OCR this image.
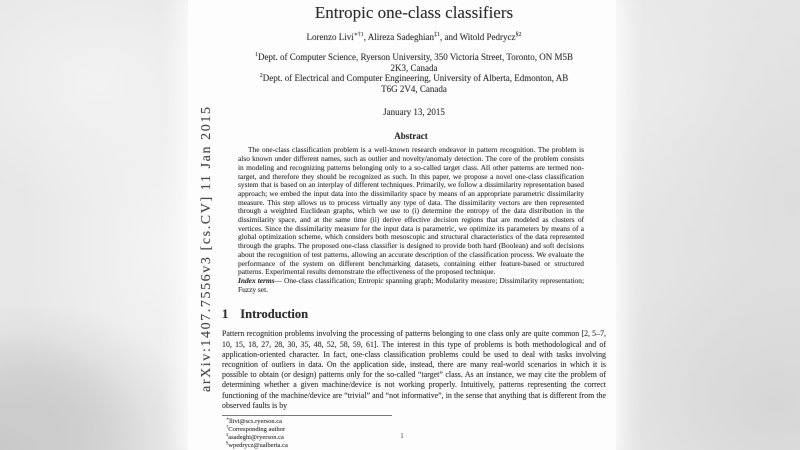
arXiv:1407.7556v3 [cs.CV] 11 Jan 2015
Entropic one-class classifiers
Lorenzo Livi$^{∗\dagger 1}$, Alireza Sadeghian$^{\ddagger 1}$, and Witold Pedrycz$^{\S 2}$
$^1$Dept. of Computer Science, Ryerson University, 350 Victoria Street, Toronto, ON M5B
2K3, Canada
$^2$Dept. of Electrical and Computer Engineering, University of Alberta, Edmonton, AB
T6G 2V4, Canada
January 13, 2015
Abstract

The one-class classification problem is a well-known research endeavor in pattern recognition. The problem is also known under different names, such as outlier and novelty/anomaly detection. The core of the problem consists in modeling and recognizing patterns belonging only to a so-called target class. All other patterns are termed non-target, and therefore they should be recognized as such. In this paper, we propose a novel one-class classification system that is based on an interplay of different techniques. Primarily, we follow a dissimilarity representation based approach; we embed the input data into the dissimilarity space by means of an appropriate parametric dissimilarity measure. This step allows us to process virtually any type of data. The dissimilarity vectors are then represented through a weighted Euclidean graphs, which we use to (i) determine the entropy of the data distribution in the dissimilarity space, and at the same time (ii) derive effective decision regions that are modeled as clusters of vertices. Since the dissimilarity measure for the input data is parametric, we optimize its parameters by means of a global optimization scheme, which considers both mesoscopic and structural characteristics of the data represented through the graphs. The proposed one-class classifier is designed to provide both hard (Boolean) and soft decisions about the recognition of test patterns, allowing an accurate description of the classification process. We evaluate the performance of the system on different benchmarking datasets, containing either feature-based or structured patterns. Experimental results demonstrate the effectiveness of the proposed technique.

Index terms— One-class classification; Entropic spanning graph; Modularity measure; Dissimilarity representation; Fuzzy set.

1 Introduction

Pattern recognition problems involving the processing of patterns belonging to one class only are quite common [2, 5–7, 10, 15, 18, 27, 28, 30, 35, 48, 52, 58, 59, 61]. The interest in this type of problems is both methodological and of application-oriented character. In fact, one-class classification problems could be used to deal with tasks involving recognition of outliers in data. On the application side, instead, there are many real-world scenarios in which it is possible to obtain (or design) patterns only for the so-called “target” class. As an instance, we may cite the problem of determining whether a given machine/device is not working properly. Intuitively, patterns representing the correct functioning of the machine/device are “trivial” and “not informative”, in the sense that anything that is different from the observed faults is by

∗llivi@scs.ryerson.ca
†Corresponding author
‡asadeghi@ryerson.ca
§wpedrycz@ualberta.ca
1
